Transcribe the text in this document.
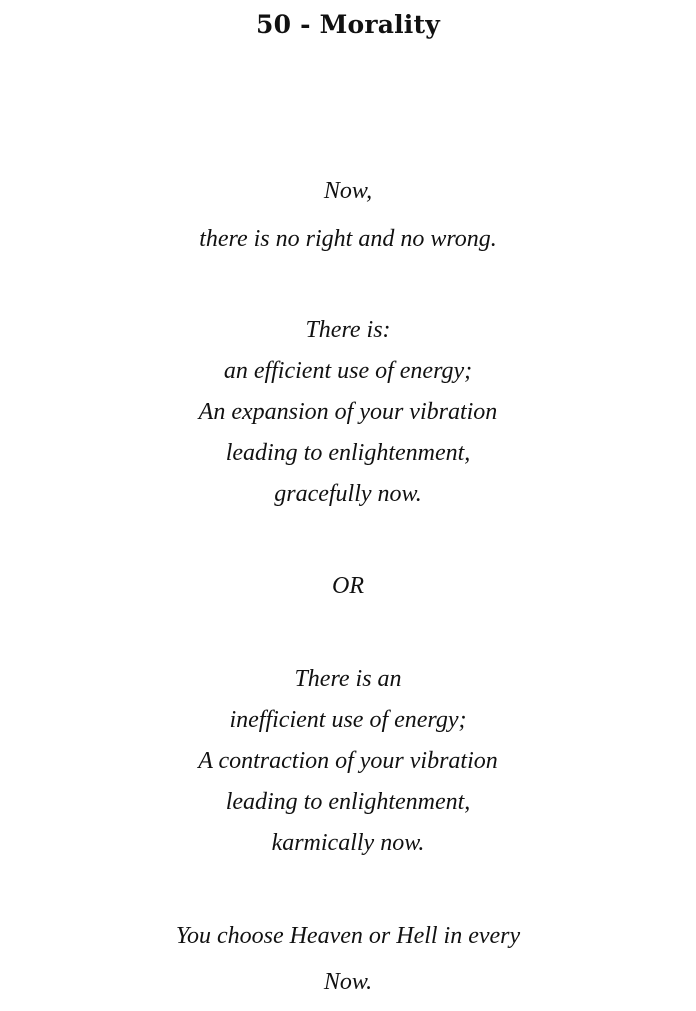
50 - Morality
Now,
there is no right and no wrong.
There is:
an efficient use of energy;
An expansion of your vibration
leading to enlightenment,
gracefully now.
OR
There is an
inefficient use of energy;
A contraction of your vibration
leading to enlightenment,
karmically now.
You choose Heaven or Hell in every
Now.
